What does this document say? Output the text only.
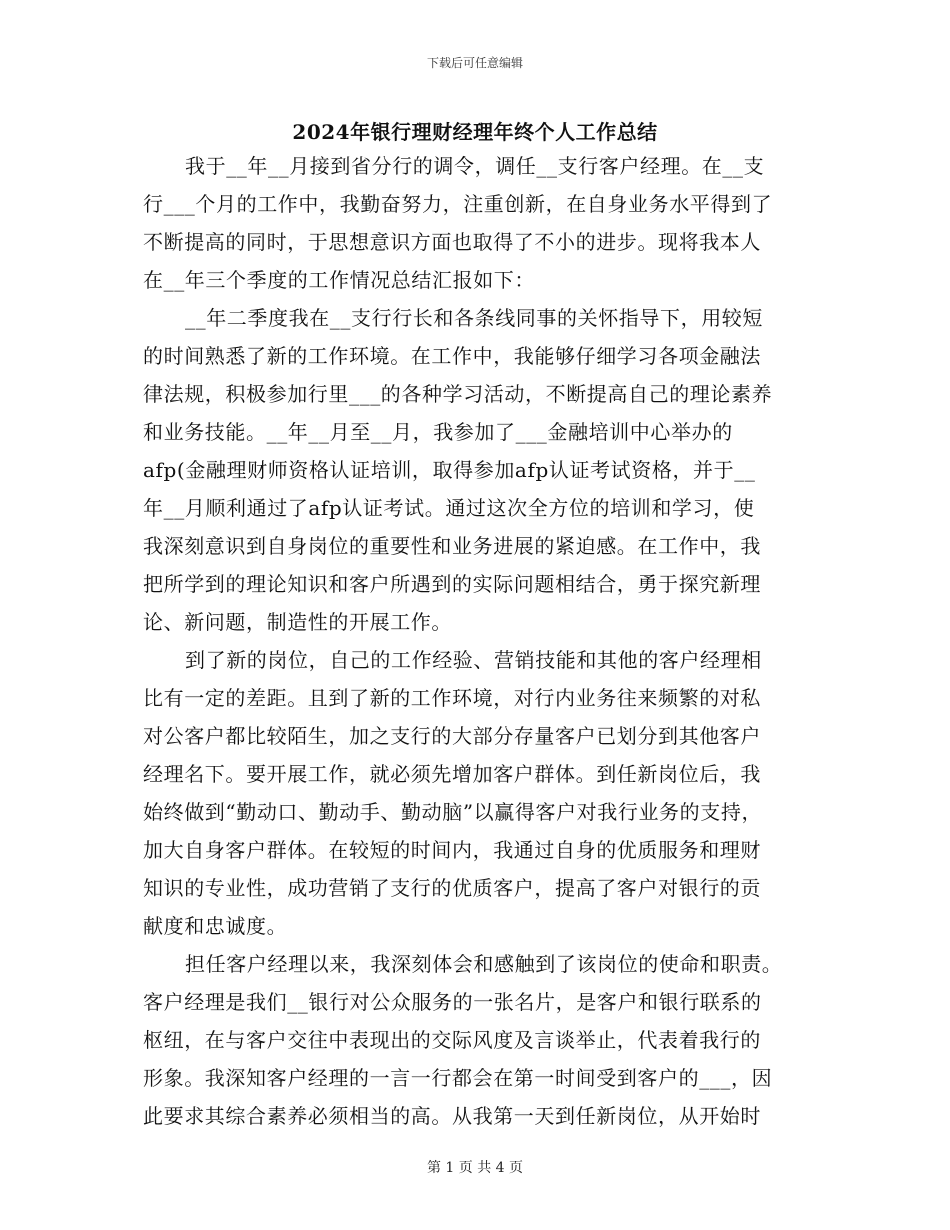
下载后可任意编辑
2024年银行理财经理年终个人工作总结
我于__年__月接到省分行的调令，调任__支行客户经理。在__支
行___个月的工作中，我勤奋努力，注重创新，在自身业务水平得到了
不断提高的同时，于思想意识方面也取得了不小的进步。现将我本人
在__年三个季度的工作情况总结汇报如下：
__年二季度我在__支行行长和各条线同事的关怀指导下，用较短
的时间熟悉了新的工作环境。在工作中，我能够仔细学习各项金融法
律法规，积极参加行里___的各种学习活动，不断提高自己的理论素养
和业务技能。__年__月至__月，我参加了___金融培训中心举办的
afp(金融理财师资格认证培训，取得参加afp认证考试资格，并于__
年__月顺利通过了afp认证考试。通过这次全方位的培训和学习，使
我深刻意识到自身岗位的重要性和业务进展的紧迫感。在工作中，我
把所学到的理论知识和客户所遇到的实际问题相结合，勇于探究新理
论、新问题，制造性的开展工作。
到了新的岗位，自己的工作经验、营销技能和其他的客户经理相
比有一定的差距。且到了新的工作环境，对行内业务往来频繁的对私
对公客户都比较陌生，加之支行的大部分存量客户已划分到其他客户
经理名下。要开展工作，就必须先增加客户群体。到任新岗位后，我
始终做到“勤动口、勤动手、勤动脑”以赢得客户对我行业务的支持，
加大自身客户群体。在较短的时间内，我通过自身的优质服务和理财
知识的专业性，成功营销了支行的优质客户，提高了客户对银行的贡
献度和忠诚度。
担任客户经理以来，我深刻体会和感触到了该岗位的使命和职责。
客户经理是我们__银行对公众服务的一张名片，是客户和银行联系的
枢纽，在与客户交往中表现出的交际风度及言谈举止，代表着我行的
形象。我深知客户经理的一言一行都会在第一时间受到客户的___，因
此要求其综合素养必须相当的高。从我第一天到任新岗位，从开始时
第 1 页 共 4 页
